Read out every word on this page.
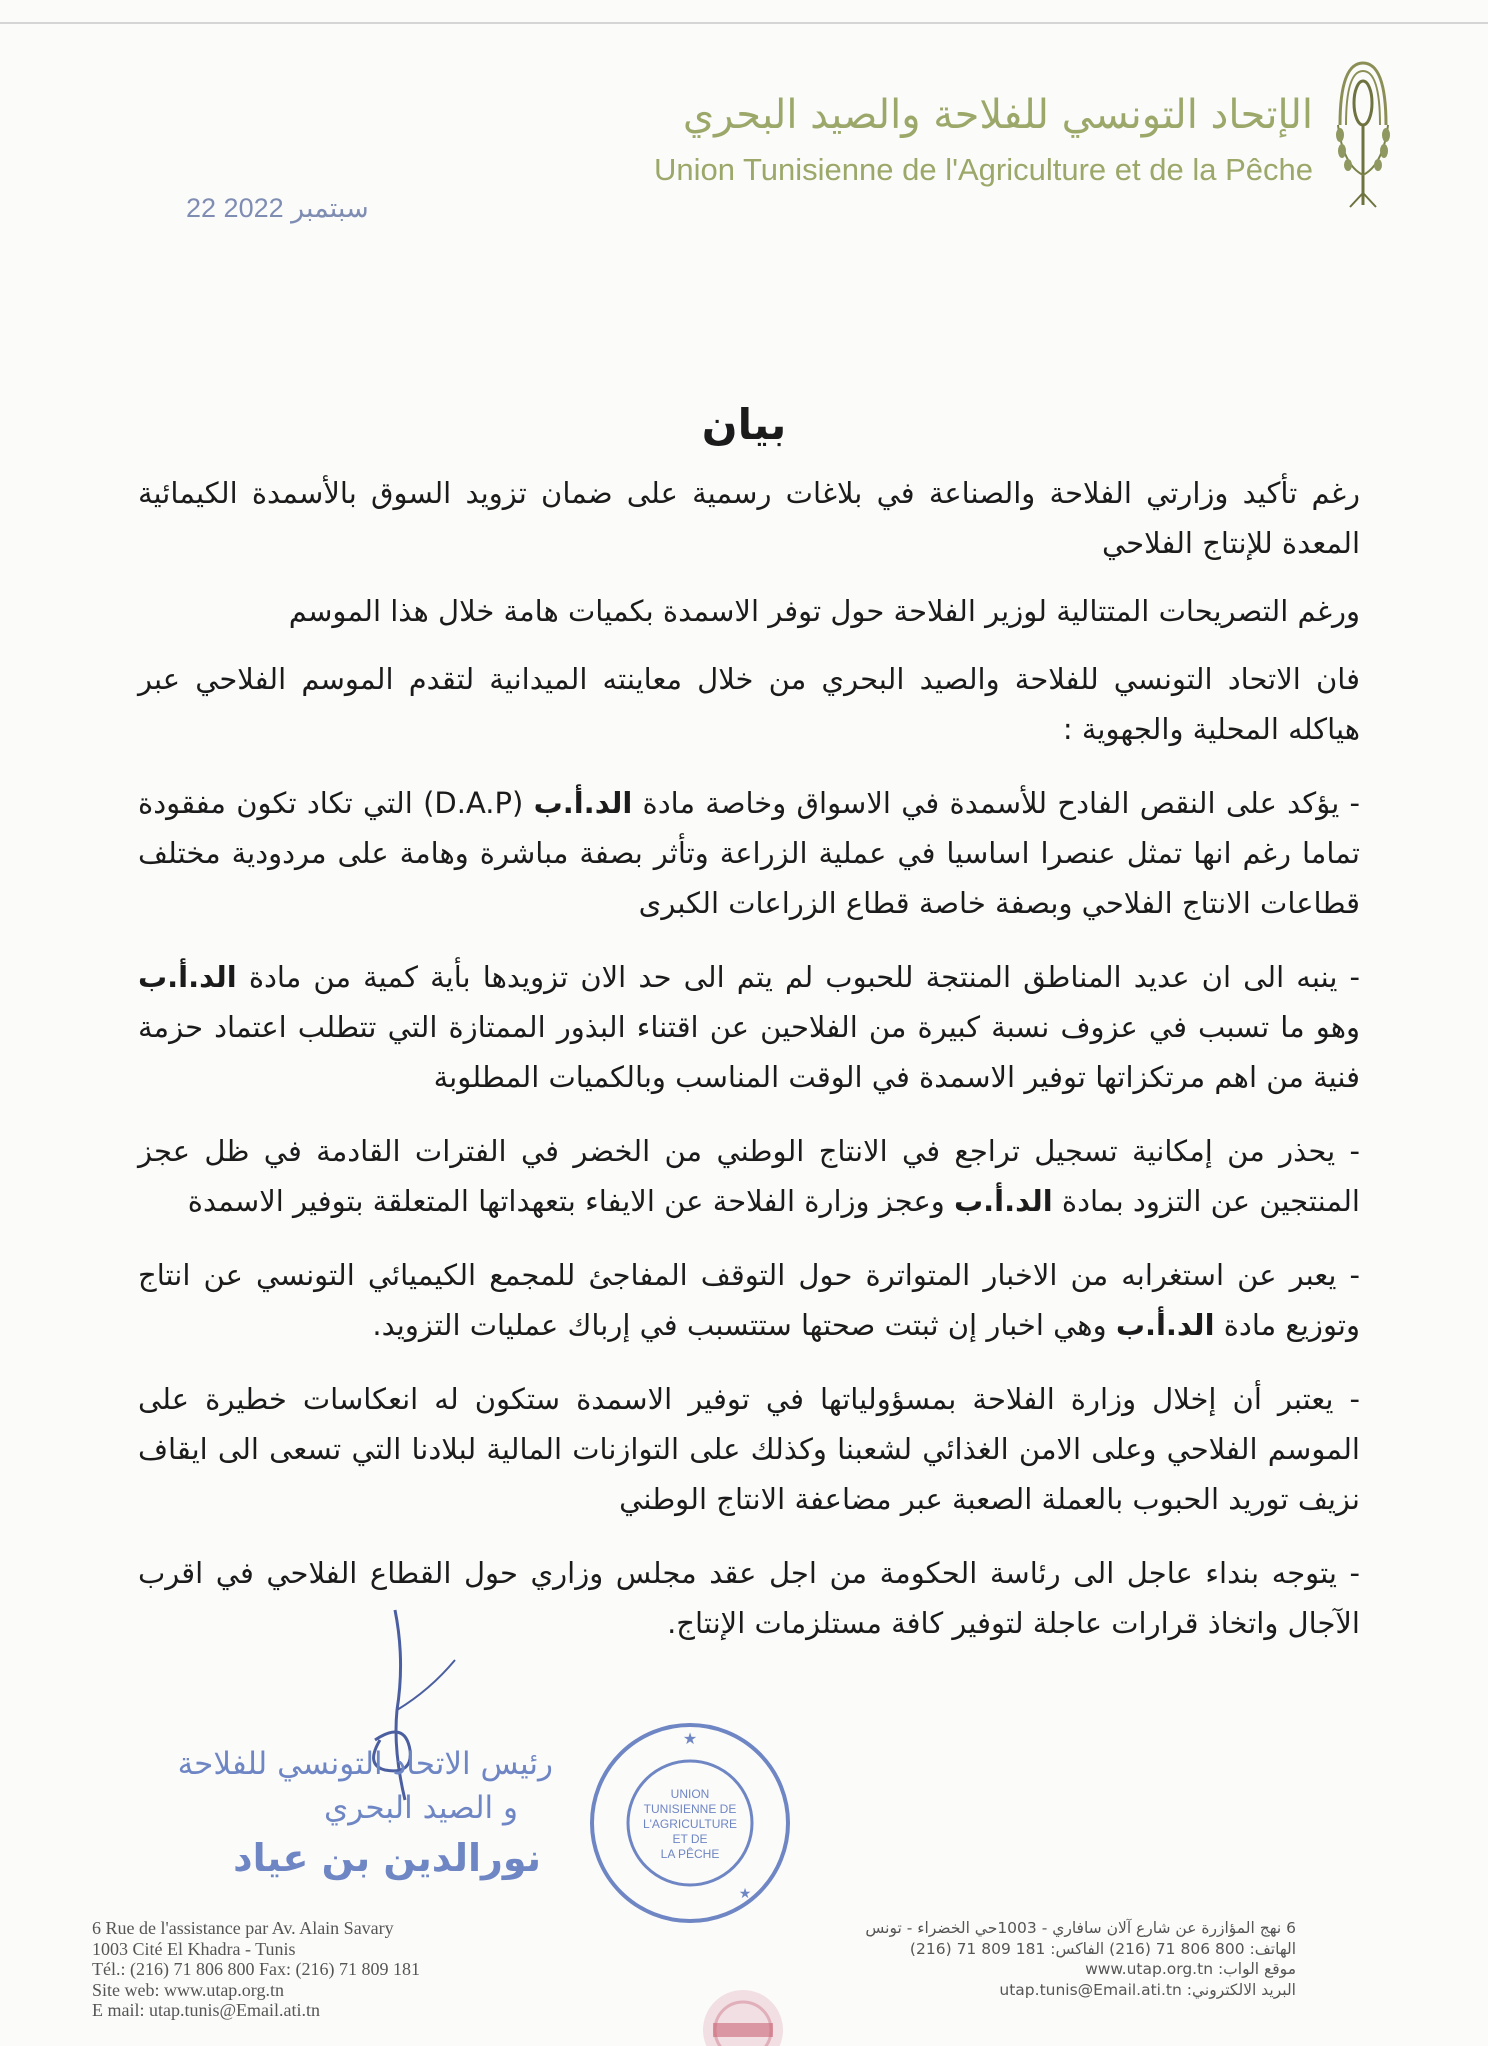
الإتحاد التونسي للفلاحة والصيد البحري
Union Tunisienne de l'Agriculture et de la Pêche
22 سبتمبر 2022
بيان

رغم تأكيد وزارتي الفلاحة والصناعة في بلاغات رسمية على ضمان تزويد السوق بالأسمدة الكيمائية المعدة للإنتاج الفلاحي

ورغم التصريحات المتتالية لوزير الفلاحة حول توفر الاسمدة بكميات هامة خلال هذا الموسم

فان الاتحاد التونسي للفلاحة والصيد البحري من خلال معاينته الميدانية لتقدم الموسم الفلاحي عبر هياكله المحلية والجهوية :

- يؤكد على النقص الفادح للأسمدة في الاسواق وخاصة مادة الد.أ.ب (D.A.P) التي تكاد تكون مفقودة تماما رغم انها تمثل عنصرا اساسيا في عملية الزراعة وتأثر بصفة مباشرة وهامة على مردودية مختلف قطاعات الانتاج الفلاحي وبصفة خاصة قطاع الزراعات الكبرى

- ينبه الى ان عديد المناطق المنتجة للحبوب لم يتم الى حد الان تزويدها بأية كمية من مادة الد.أ.ب وهو ما تسبب في عزوف نسبة كبيرة من الفلاحين عن اقتناء البذور الممتازة التي تتطلب اعتماد حزمة فنية من اهم مرتكزاتها توفير الاسمدة في الوقت المناسب وبالكميات المطلوبة

- يحذر من إمكانية تسجيل تراجع في الانتاج الوطني من الخضر في الفترات القادمة في ظل عجز المنتجين عن التزود بمادة الد.أ.ب وعجز وزارة الفلاحة عن الايفاء بتعهداتها المتعلقة بتوفير الاسمدة

- يعبر عن استغرابه من الاخبار المتواترة حول التوقف المفاجئ للمجمع الكيميائي التونسي عن انتاج وتوزيع مادة الد.أ.ب وهي اخبار إن ثبتت صحتها ستتسبب في إرباك عمليات التزويد.

- يعتبر أن إخلال وزارة الفلاحة بمسؤولياتها في توفير الاسمدة ستكون له انعكاسات خطيرة على الموسم الفلاحي وعلى الامن الغذائي لشعبنا وكذلك على التوازنات المالية لبلادنا التي تسعى الى ايقاف نزيف توريد الحبوب بالعملة الصعبة عبر مضاعفة الانتاج الوطني

- يتوجه بنداء عاجل الى رئاسة الحكومة من اجل عقد مجلس وزاري حول القطاع الفلاحي في اقرب الآجال واتخاذ قرارات عاجلة لتوفير كافة مستلزمات الإنتاج.

رئيس الاتحاد التونسي للفلاحة
و الصيد البحري
نورالدين بن عياد
UNION
TUNISIENNE DE
L'AGRICULTURE
ET DE
LA PÊCHE
★
★
6 Rue de l'assistance par Av. Alain Savary
1003 Cité El Khadra - Tunis
Tél.: (216) 71 806 800 Fax: (216) 71 809 181
Site web: www.utap.org.tn
E mail: utap.tunis@Email.ati.tn
6 نهج المؤازرة عن شارع آلان سافاري - 1003حي الخضراء - تونس
الهاتف: 800 806 71 (216) الفاكس: 181 809 71 (216)
موقع الواب: www.utap.org.tn
البريد الالكتروني: utap.tunis@Email.ati.tn
